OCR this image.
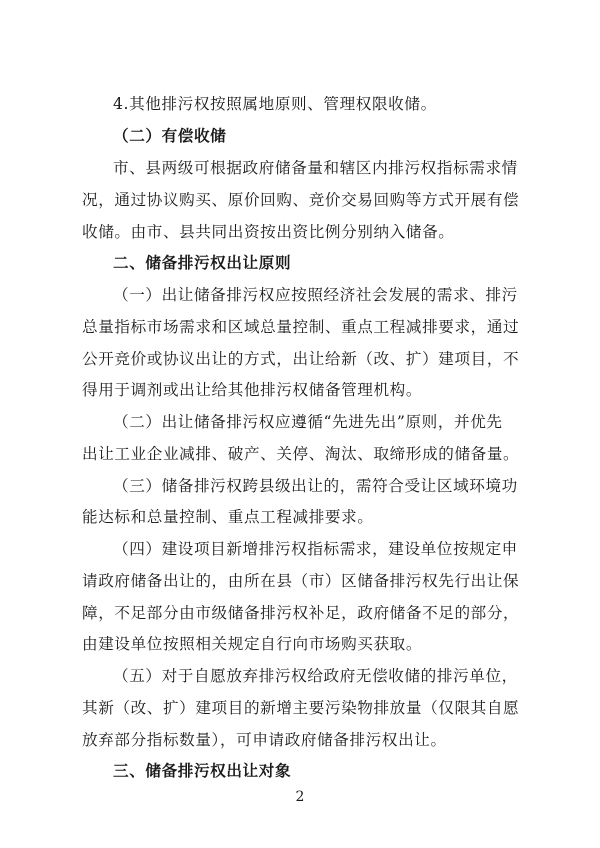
4.其他排污权按照属地原则、管理权限收储。
（二）有偿收储
市、县两级可根据政府储备量和辖区内排污权指标需求情
况，通过协议购买、原价回购、竞价交易回购等方式开展有偿
收储。由市、县共同出资按出资比例分别纳入储备。
二、储备排污权出让原则
（一）出让储备排污权应按照经济社会发展的需求、排污
总量指标市场需求和区域总量控制、重点工程减排要求，通过
公开竞价或协议出让的方式，出让给新（改、扩）建项目，不
得用于调剂或出让给其他排污权储备管理机构。
（二）出让储备排污权应遵循“先进先出”原则，并优先
出让工业企业减排、破产、关停、淘汰、取缔形成的储备量。
（三）储备排污权跨县级出让的，需符合受让区域环境功
能达标和总量控制、重点工程减排要求。
（四）建设项目新增排污权指标需求，建设单位按规定申
请政府储备出让的，由所在县（市）区储备排污权先行出让保
障，不足部分由市级储备排污权补足，政府储备不足的部分，
由建设单位按照相关规定自行向市场购买获取。
（五）对于自愿放弃排污权给政府无偿收储的排污单位，
其新（改、扩）建项目的新增主要污染物排放量（仅限其自愿
放弃部分指标数量），可申请政府储备排污权出让。
三、储备排污权出让对象
2
